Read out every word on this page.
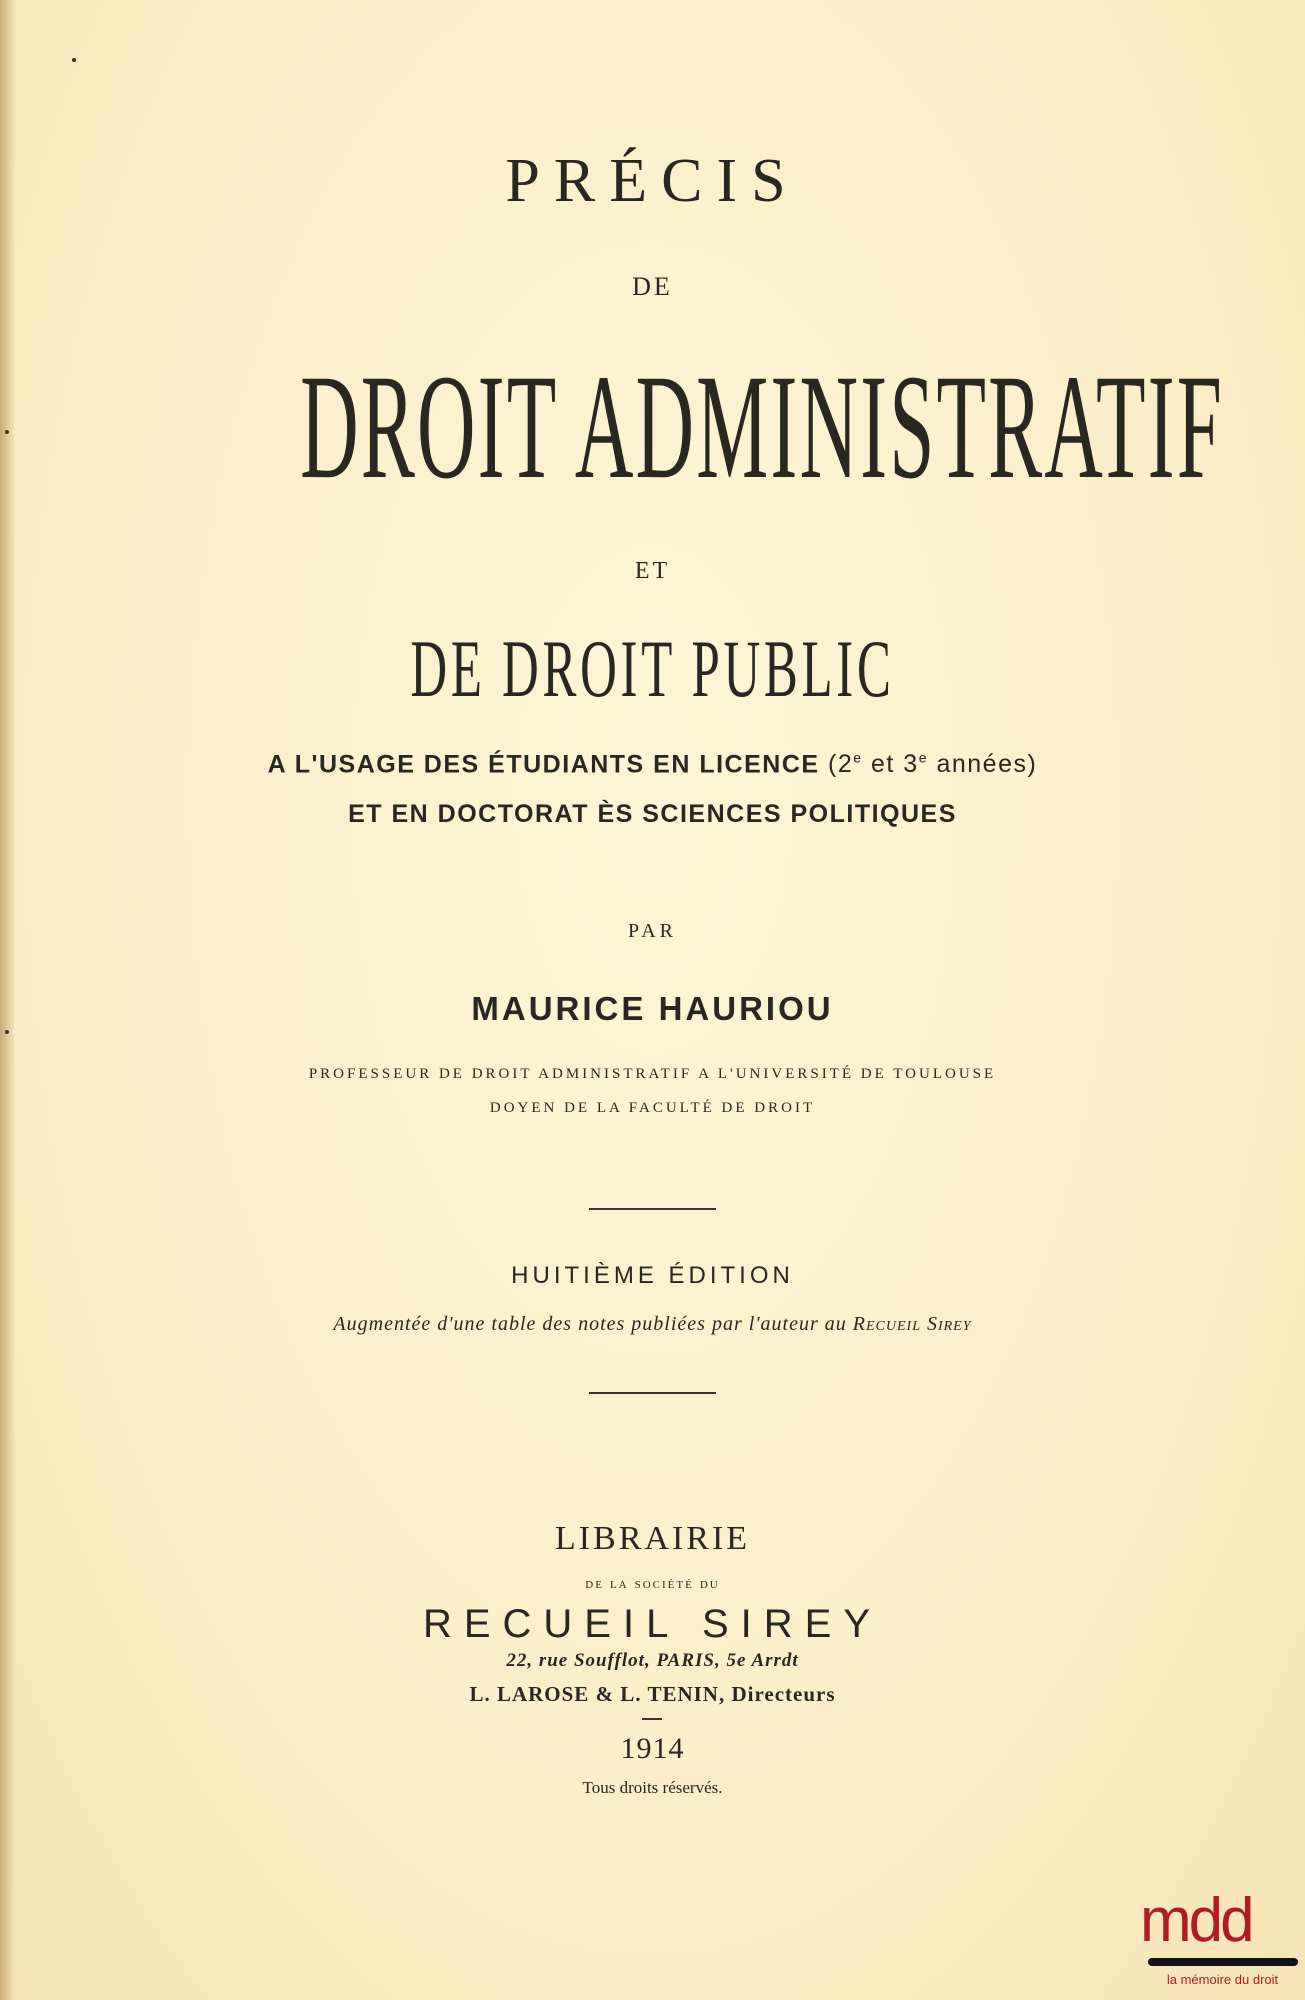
PRÉCIS
DE
DROIT ADMINISTRATIF
ET
DE DROIT PUBLIC
A L'USAGE DES ÉTUDIANTS EN LICENCE (2e et 3e années)
ET EN DOCTORAT ÈS SCIENCES POLITIQUES
PAR
MAURICE HAURIOU
PROFESSEUR DE DROIT ADMINISTRATIF A L'UNIVERSITÉ DE TOULOUSE
DOYEN DE LA FACULTÉ DE DROIT
HUITIÈME ÉDITION
Augmentée d'une table des notes publiées par l'auteur au Recueil Sirey
LIBRAIRIE
de la société du
RECUEIL SIREY
22, rue Soufflot, PARIS, 5e Arrdt
L. LAROSE & L. TENIN, Directeurs
1914
Tous droits réservés.
mdd
la mémoire du droit
